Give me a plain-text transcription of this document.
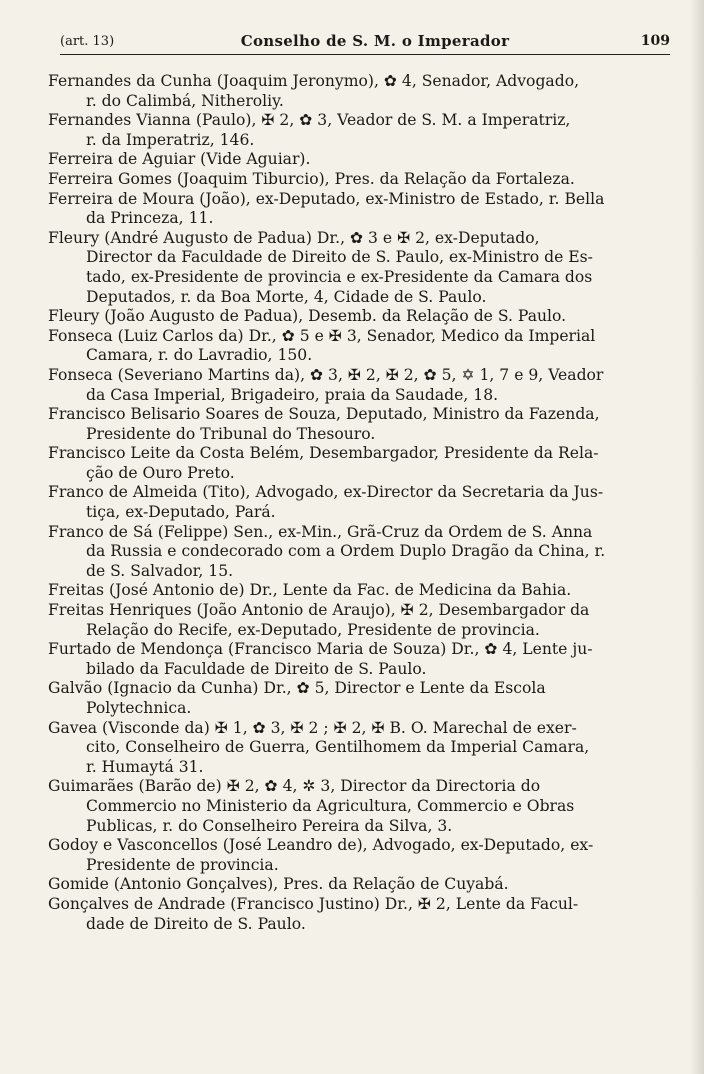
(art. 13)	Conselho de S. M. o Imperador	109
Fernandes da Cunha (Joaquim Jeronymo), ✿ 4, Senador, Advogado,
r. do Calimbá, Nitheroliy.
Fernandes Vianna (Paulo), ✠ 2, ✿ 3, Veador de S. M. a Imperatriz,
r. da Imperatriz, 146.
Ferreira de Aguiar (Vide Aguiar).
Ferreira Gomes (Joaquim Tiburcio), Pres. da Relação da Fortaleza.
Ferreira de Moura (João), ex-Deputado, ex-Ministro de Estado, r. Bella
da Princeza, 11.
Fleury (André Augusto de Padua) Dr., ✿ 3 e ✠ 2, ex-Deputado,
Director da Faculdade de Direito de S. Paulo, ex-Ministro de Es-
tado, ex-Presidente de provincia e ex-Presidente da Camara dos
Deputados, r. da Boa Morte, 4, Cidade de S. Paulo.
Fleury (João Augusto de Padua), Desemb. da Relação de S. Paulo.
Fonseca (Luiz Carlos da) Dr., ✿ 5 e ✠ 3, Senador, Medico da Imperial
Camara, r. do Lavradio, 150.
Fonseca (Severiano Martins da), ✿ 3, ✠ 2, ✠ 2, ✿ 5, ✡ 1, 7 e 9, Veador
da Casa Imperial, Brigadeiro, praia da Saudade, 18.
Francisco Belisario Soares de Souza, Deputado, Ministro da Fazenda,
Presidente do Tribunal do Thesouro.
Francisco Leite da Costa Belém, Desembargador, Presidente da Rela-
ção de Ouro Preto.
Franco de Almeida (Tito), Advogado, ex-Director da Secretaria da Jus-
tiça, ex-Deputado, Pará.
Franco de Sá (Felippe) Sen., ex-Min., Grã-Cruz da Ordem de S. Anna
da Russia e condecorado com a Ordem Duplo Dragão da China, r.
de S. Salvador, 15.
Freitas (José Antonio de) Dr., Lente da Fac. de Medicina da Bahia.
Freitas Henriques (João Antonio de Araujo), ✠ 2, Desembargador da
Relação do Recife, ex-Deputado, Presidente de provincia.
Furtado de Mendonça (Francisco Maria de Souza) Dr., ✿ 4, Lente ju-
bilado da Faculdade de Direito de S. Paulo.
Galvão (Ignacio da Cunha) Dr., ✿ 5, Director e Lente da Escola
Polytechnica.
Gavea (Visconde da) ✠ 1, ✿ 3, ✠ 2 ; ✠ 2, ✠ B. O. Marechal de exer-
cito, Conselheiro de Guerra, Gentilhomem da Imperial Camara,
r. Humaytá 31.
Guimarães (Barão de) ✠ 2, ✿ 4, ✲ 3, Director da Directoria do
Commercio no Ministerio da Agricultura, Commercio e Obras
Publicas, r. do Conselheiro Pereira da Silva, 3.
Godoy e Vasconcellos (José Leandro de), Advogado, ex-Deputado, ex-
Presidente de provincia.
Gomide (Antonio Gonçalves), Pres. da Relação de Cuyabá.
Gonçalves de Andrade (Francisco Justino) Dr., ✠ 2, Lente da Facul-
dade de Direito de S. Paulo.
